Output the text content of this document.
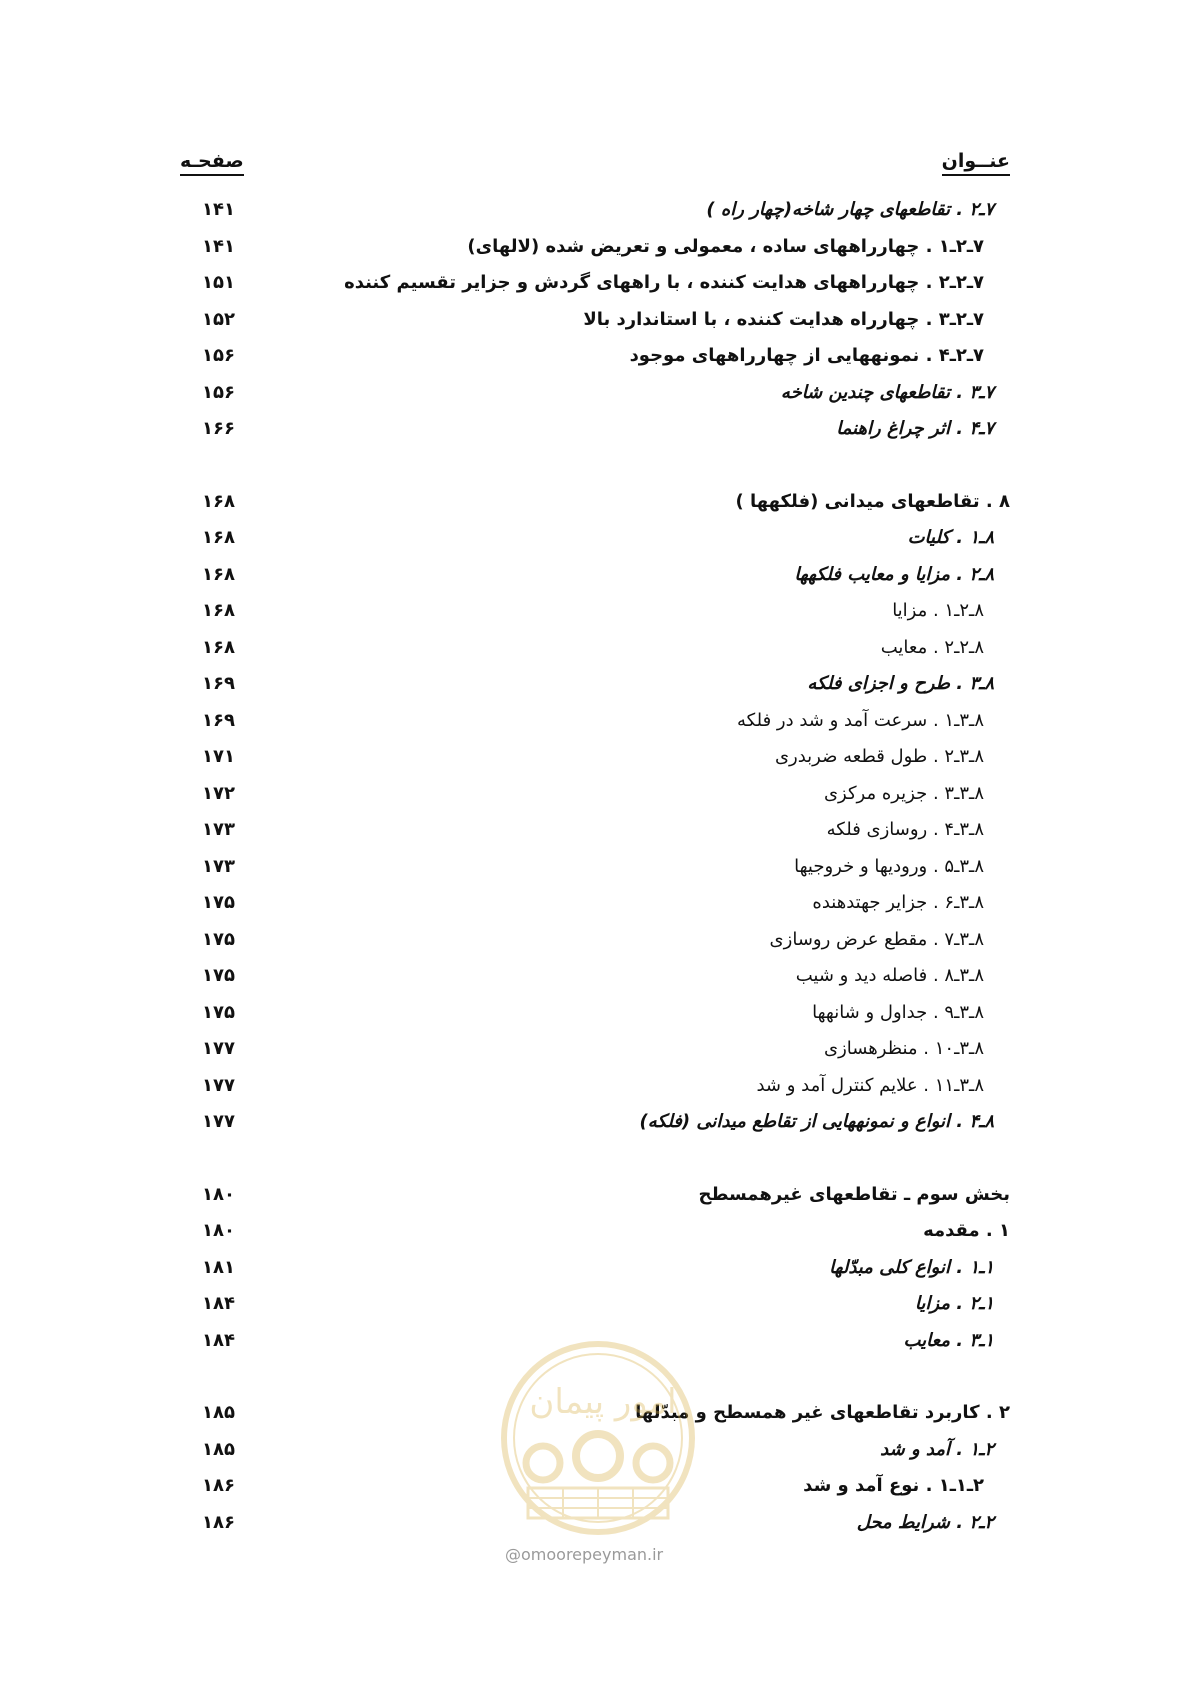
عنــوان
صفحـه
۷ـ۲ . تقاطعهای چهار شاخه(چهار راه )
۱۴۱
۷ـ۲ـ۱ . چهارراههای ساده ، معمولی و تعریض شده (لالهای)
۱۴۱
۷ـ۲ـ۲ . چهارراههای هدایت کننده ، با راههای گردش و جزایر تقسیم کننده
۱۵۱
۷ـ۲ـ۳ . چهارراه هدایت کننده ، با استاندارد بالا
۱۵۲
۷ـ۲ـ۴ . نمونههایی از چهارراههای موجود
۱۵۶
۷ـ۳ . تقاطعهای چندین شاخه
۱۵۶
۷ـ۴ . اثر چراغ راهنما
۱۶۶
۸ . تقاطعهای میدانی (فلکهها )
۱۶۸
۸ـ۱ . کلیات
۱۶۸
۸ـ۲ . مزایا و معایب فلکهها
۱۶۸
۸ـ۲ـ۱ . مزایا
۱۶۸
۸ـ۲ـ۲ . معایب
۱۶۸
۸ـ۳ . طرح و اجزای فلکه
۱۶۹
۸ـ۳ـ۱ . سرعت آمد و شد در فلکه
۱۶۹
۸ـ۳ـ۲ . طول قطعه ضربدری
۱۷۱
۸ـ۳ـ۳ . جزیره مرکزی
۱۷۲
۸ـ۳ـ۴ . روسازی فلکه
۱۷۳
۸ـ۳ـ۵ . ورودیها و خروجیها
۱۷۳
۸ـ۳ـ۶ . جزایر جهتدهنده
۱۷۵
۸ـ۳ـ۷ . مقطع عرض روسازی
۱۷۵
۸ـ۳ـ۸ . فاصله دید و شیب
۱۷۵
۸ـ۳ـ۹ . جداول و شانهها
۱۷۵
۸ـ۳ـ۱۰ . منظرهسازی
۱۷۷
۸ـ۳ـ۱۱ . علایم کنترل آمد و شد
۱۷۷
۸ـ۴ . انواع و نمونههایی از تقاطع میدانی (فلکه)
۱۷۷
بخش سوم ـ تقاطعهای غیرهمسطح
۱۸۰
۱ . مقدمه
۱۸۰
۱ـ۱ . انواع کلی مبدّلها
۱۸۱
۱ـ۲ . مزایا
۱۸۴
۱ـ۳ . معایب
۱۸۴
۲ . کاربرد تقاطعهای غیر همسطح و مبدّلها
۱۸۵
۲ـ۱ . آمد و شد
۱۸۵
۲ـ۱ـ۱ . نوع آمد و شد
۱۸۶
۲ـ۲ . شرایط محل
۱۸۶
امور پیمان
@omoorepeyman.ir
